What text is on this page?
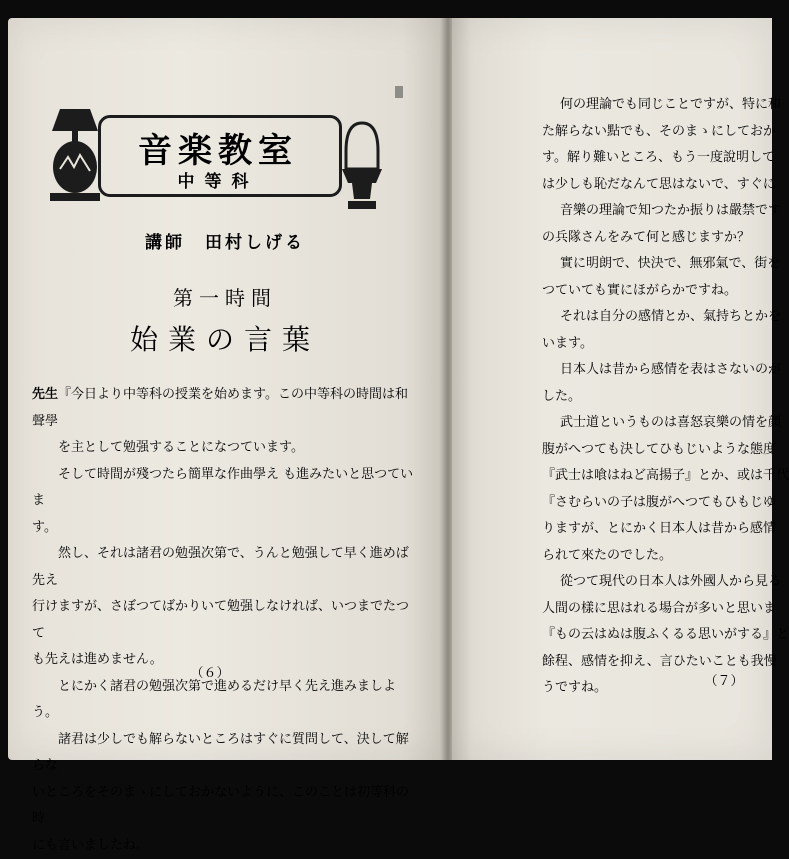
音楽教室
中等科
講師　田村しげる
第一時間
始業の言葉

先生『今日より中等科の授業を始めます。この中等科の時間は和聲學

を主として勉强することになつています。

そして時間が殘つたら簡單な作曲學え も進みたいと思つていま

す。

然し、それは諸君の勉强次第で、うんと勉强して早く進めば先え

行けますが、さぼつてばかりいて勉强しなければ、いつまでたつて

も先えは進めません。

とにかく諸君の勉强次第で進めるだけ早く先え進みましよう。

諸君は少しでも解らないところはすぐに質問して、決して解らな

いところをそのまゝにしておかないように、このことは初等科の時

にも言いましたね。

（６）

何の理論でも同じことですが、特に和

た解らない點でも、そのまゝにしておか

す。解り難いところ、もう一度說明して

は少しも恥だなんて思はないで、すぐに

音樂の理論で知つたか振りは嚴禁です

の兵隊さんをみて何と感じますか？

實に明朗で、快決で、無邪氣で、街を

つていても實にほがらかですね。

それは自分の感情とか、氣持ちとかを

います。

日本人は昔から感情を表はさないのが

した。

武士道というものは喜怒哀樂の情を顔

腹がへつても決してひもじいような態度

『武士は喰はねど高揚子』とか、或は千代

『さむらいの子は腹がへつてもひもじゆ

りますが、とにかく日本人は昔から感情

られて來たのでした。

從つて現代の日本人は外國人から見る

人間の樣に思はれる場合が多いと思いま

『もの云はぬは腹ふくるる思いがする』と

餘程、感情を抑え、言ひたいことも我慢

うですね。	（７）
